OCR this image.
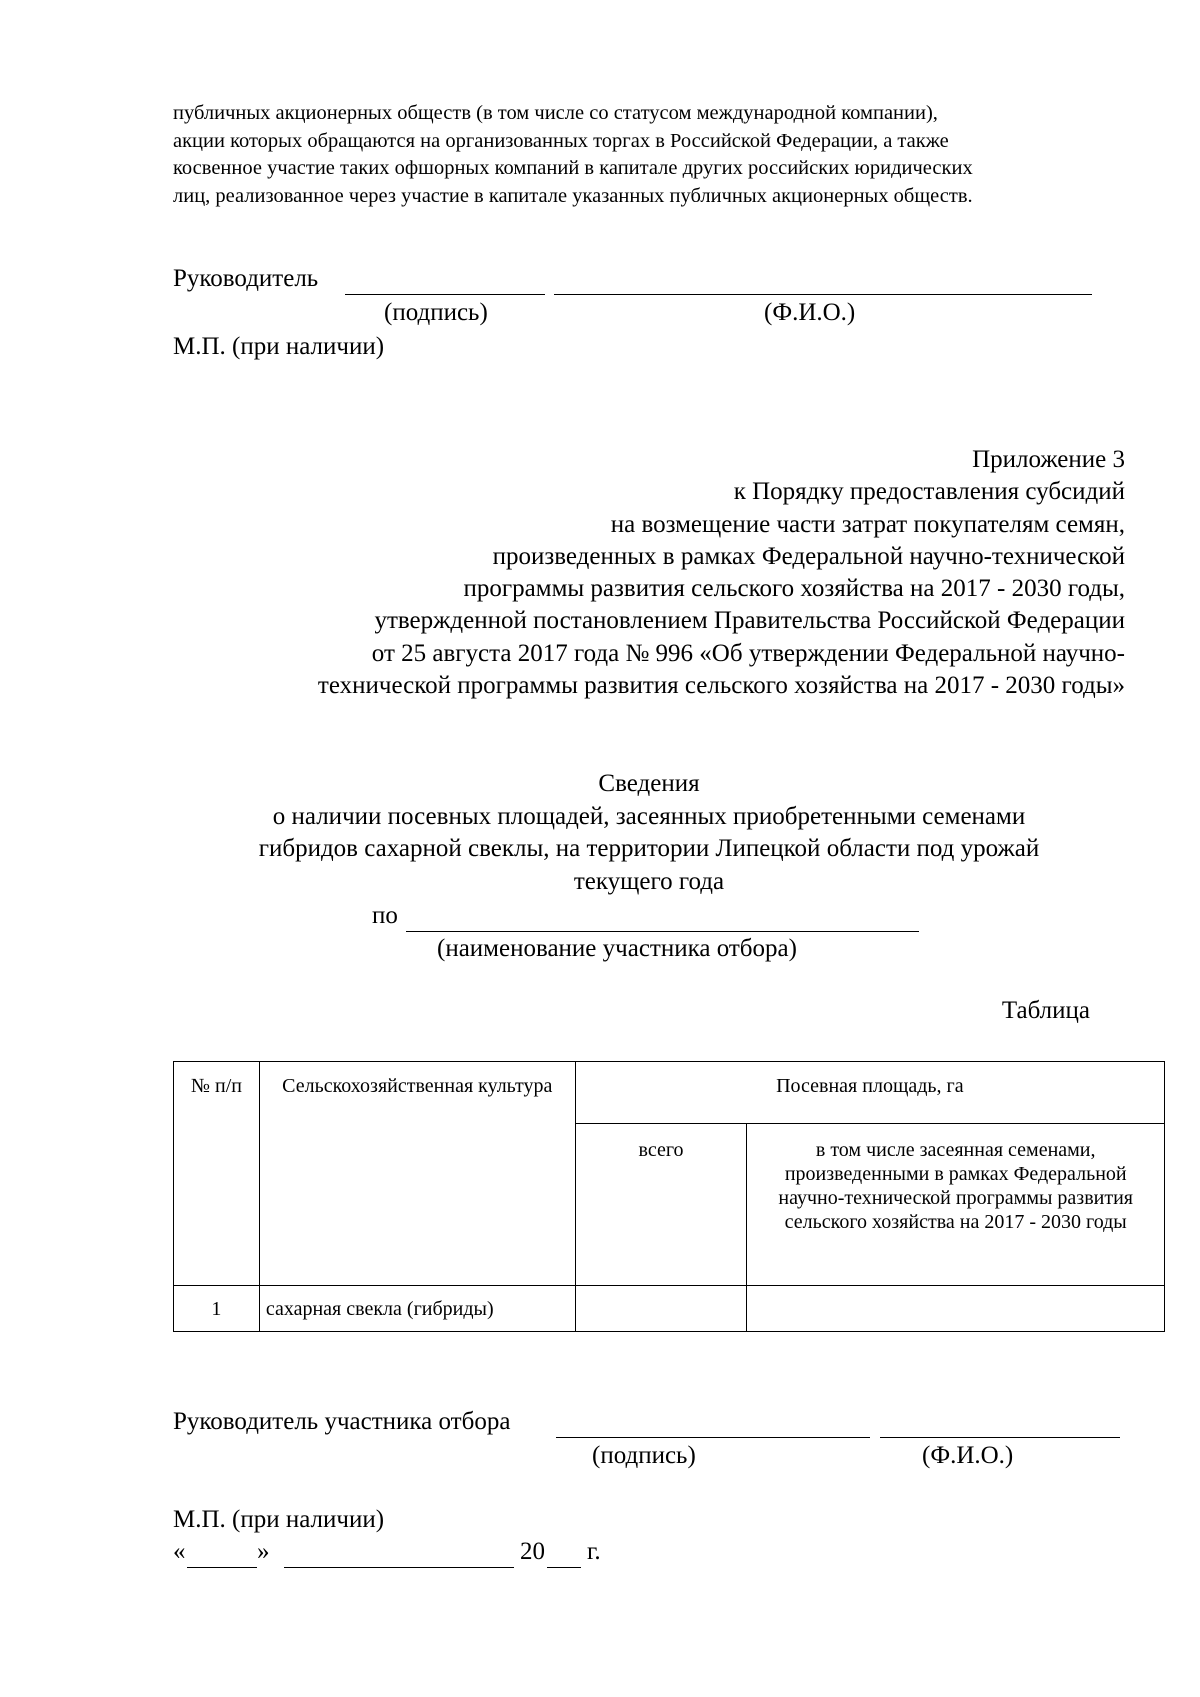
публичных акционерных обществ (в том числе со статусом международной компании),
акции которых обращаются на организованных торгах в Российской Федерации, а также
косвенное участие таких офшорных компаний в капитале других российских юридических
лиц, реализованное через участие в капитале указанных публичных акционерных обществ.
Руководитель
(подпись)	(Ф.И.О.)
М.П. (при наличии)
Приложение 3
к Порядку предоставления субсидий
на возмещение части затрат покупателям семян,
произведенных в рамках Федеральной научно-технической
программы развития сельского хозяйства на 2017 - 2030 годы,
утвержденной постановлением Правительства Российской Федерации
от 25 августа 2017 года № 996 «Об утверждении Федеральной научно-
технической программы развития сельского хозяйства на 2017 - 2030 годы»
Сведения
о наличии посевных площадей, засеянных приобретенными семенами
гибридов сахарной свеклы, на территории Липецкой области под урожай
текущего года
по
(наименование участника отбора)
Таблица
№ п/п	Сельскохозяйственная культура	Посевная площадь, га	
		всего	в том числе засеянная семенами, произведенными в рамках Федеральной научно-технической программы развития сельского хозяйства на 2017 - 2030 годы
1	сахарная свекла (гибриды)		
Руководитель участника отбора
(подпись)	(Ф.И.О.)
М.П. (при наличии)
«	»	20 г.
